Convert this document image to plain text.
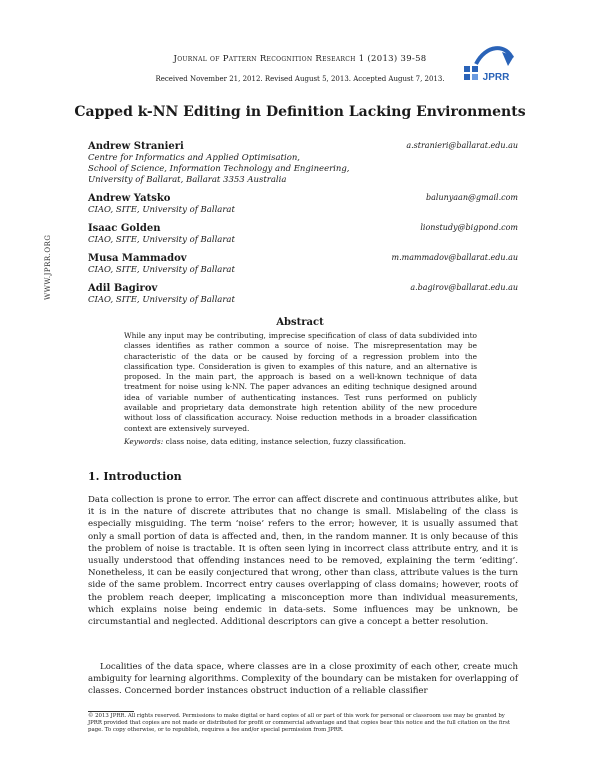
Journal of Pattern Recognition Research 1 (2013) 39-58
Received November 21, 2012. Revised August 5, 2013. Accepted August 7, 2013.	JPRR
Capped k-NN Editing in Definition Lacking Environments
Andrew Stranieri	a.stranieri@ballarat.edu.au
Centre for Informatics and Applied Optimisation,
School of Science, Information Technology and Engineering,
University of Ballarat, Ballarat 3353 Australia
Andrew Yatsko	balunyaan@gmail.com
CIAO, SITE, University of Ballarat
Isaac Golden	lionstudy@bigpond.com
CIAO, SITE, University of Ballarat
Musa Mammadov	m.mammadov@ballarat.edu.au
CIAO, SITE, University of Ballarat
Adil Bagirov	a.bagirov@ballarat.edu.au
CIAO, SITE, University of Ballarat
WWW.JPRR.ORG
Abstract
While any input may be contributing, imprecise specification of class of data subdivided into classes identifies as rather common a source of noise. The misrepresentation may be characteristic of the data or be caused by forcing of a regression problem into the classification type. Consideration is given to examples of this nature, and an alternative is proposed. In the main part, the approach is based on a well-known technique of data treatment for noise using k-NN. The paper advances an editing technique designed around idea of variable number of authenticating instances. Test runs performed on publicly available and proprietary data demonstrate high retention ability of the new procedure without loss of classification accuracy. Noise reduction methods in a broader classification context are extensively surveyed.
Keywords: class noise, data editing, instance selection, fuzzy classification.
1. Introduction
Data collection is prone to error. The error can affect discrete and continuous attributes alike, but it is in the nature of discrete attributes that no change is small. Mislabeling of the class is especially misguiding. The term ‘noise’ refers to the error; however, it is usually assumed that only a small portion of data is affected and, then, in the random manner. It is only because of this the problem of noise is tractable. It is often seen lying in incorrect class attribute entry, and it is usually understood that offending instances need to be removed, explaining the term ‘editing’. Nonetheless, it can be easily conjectured that wrong, other than class, attribute values is the turn side of the same problem. Incorrect entry causes overlapping of class domains; however, roots of the problem reach deeper, implicating a misconception more than individual measurements, which explains noise being endemic in data-sets. Some influences may be unknown, be circumstantial and neglected. Additional descriptors can give a concept a better resolution.
Localities of the data space, where classes are in a close proximity of each other, create much ambiguity for learning algorithms. Complexity of the boundary can be mistaken for overlapping of classes. Concerned border instances obstruct induction of a reliable classifier
© 2013 JPRR. All rights reserved. Permissions to make digital or hard copies of all or part of this work for personal or classroom use may be granted by JPRR provided that copies are not made or distributed for profit or commercial advantage and that copies bear this notice and the full citation on the first page. To copy otherwise, or to republish, requires a fee and/or special permission from JPRR.
